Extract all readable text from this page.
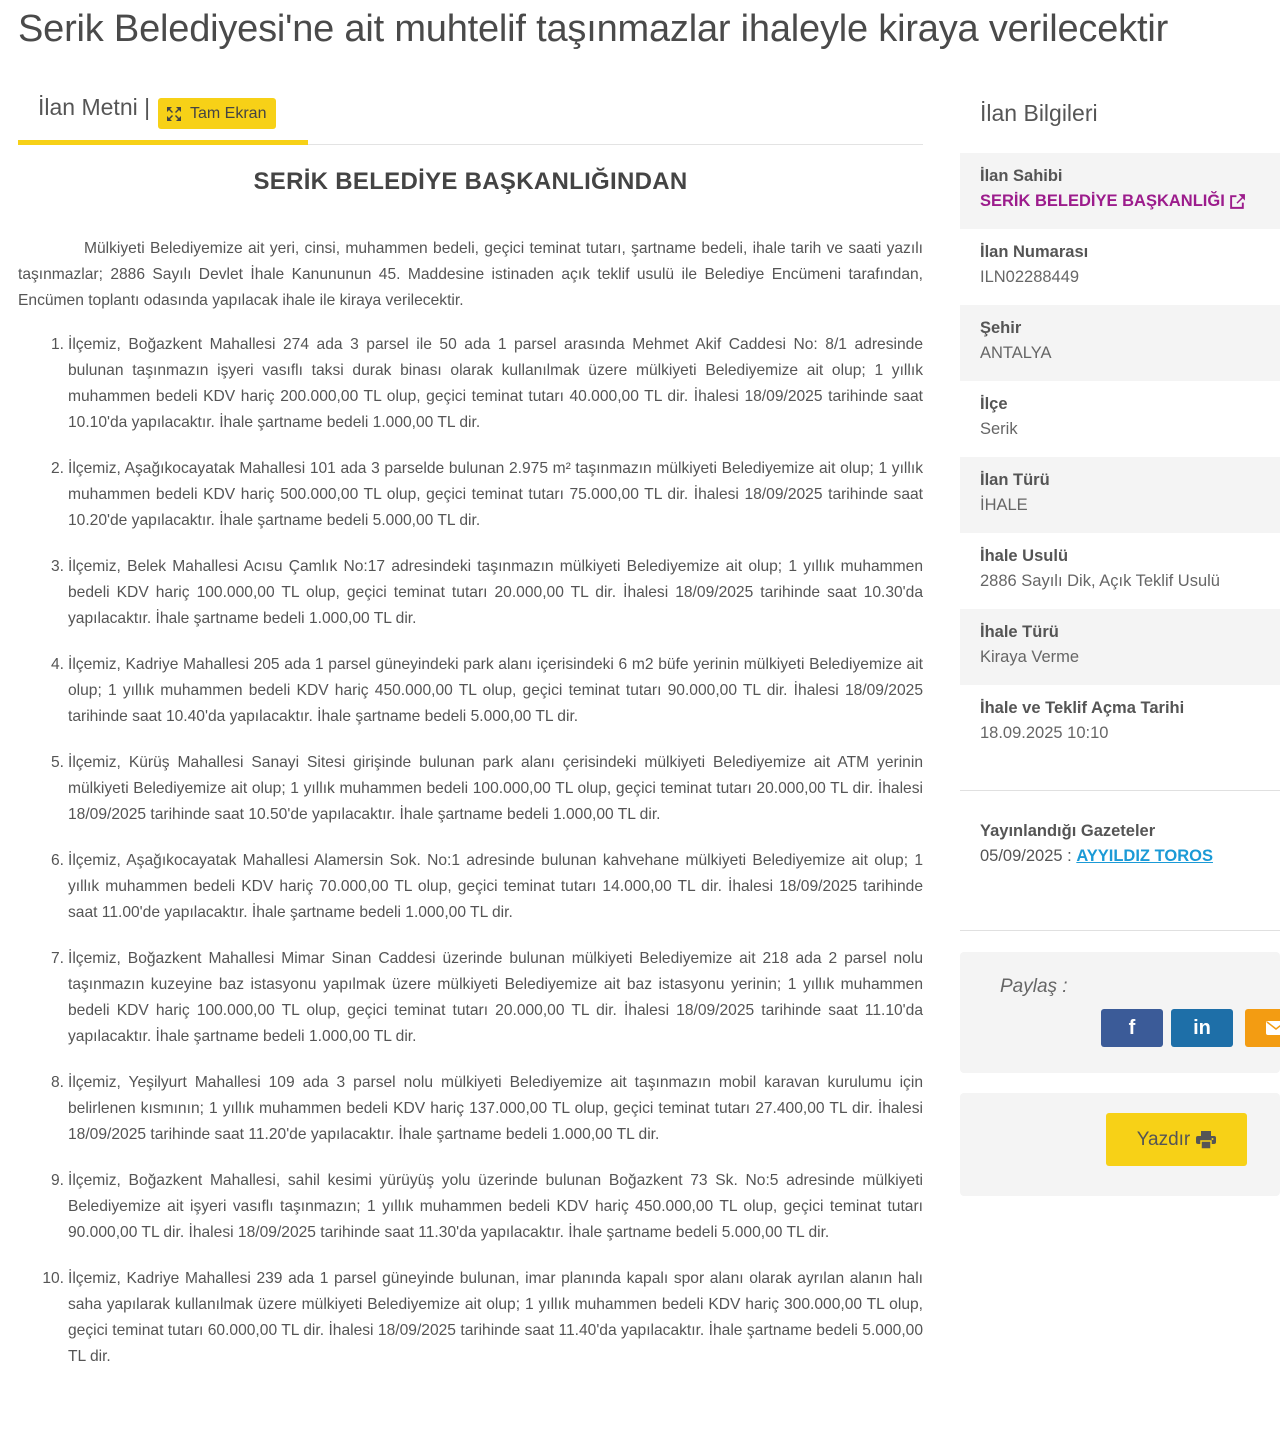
Serik Belediyesi'ne ait muhtelif taşınmazlar ihaleyle kiraya verilecektir
İlan Metni | Tam Ekran
SERİK BELEDİYE BAŞKANLIĞINDAN

Mülkiyeti Belediyemize ait yeri, cinsi, muhammen bedeli, geçici teminat tutarı, şartname bedeli, ihale tarih ve saati yazılı taşınmazlar; 2886 Sayılı Devlet İhale Kanununun 45. Maddesine istinaden açık teklif usulü ile Belediye Encümeni tarafından, Encümen toplantı odasında yapılacak ihale ile kiraya verilecektir.

1. İlçemiz, Boğazkent Mahallesi 274 ada 3 parsel ile 50 ada 1 parsel arasında Mehmet Akif Caddesi No: 8/1 adresinde bulunan taşınmazın işyeri vasıflı taksi durak binası olarak kullanılmak üzere mülkiyeti Belediyemize ait olup; 1 yıllık muhammen bedeli KDV hariç 200.000,00 TL olup, geçici teminat tutarı 40.000,00 TL dir. İhalesi 18/09/2025 tarihinde saat 10.10'da yapılacaktır. İhale şartname bedeli 1.000,00 TL dir.
2. İlçemiz, Aşağıkocayatak Mahallesi 101 ada 3 parselde bulunan 2.975 m² taşınmazın mülkiyeti Belediyemize ait olup; 1 yıllık muhammen bedeli KDV hariç 500.000,00 TL olup, geçici teminat tutarı 75.000,00 TL dir. İhalesi 18/09/2025 tarihinde saat 10.20'de yapılacaktır. İhale şartname bedeli 5.000,00 TL dir.
3. İlçemiz, Belek Mahallesi Acısu Çamlık No:17 adresindeki taşınmazın mülkiyeti Belediyemize ait olup; 1 yıllık muhammen bedeli KDV hariç 100.000,00 TL olup, geçici teminat tutarı 20.000,00 TL dir. İhalesi 18/09/2025 tarihinde saat 10.30'da yapılacaktır. İhale şartname bedeli 1.000,00 TL dir.
4. İlçemiz, Kadriye Mahallesi 205 ada 1 parsel güneyindeki park alanı içerisindeki 6 m2 büfe yerinin mülkiyeti Belediyemize ait olup; 1 yıllık muhammen bedeli KDV hariç 450.000,00 TL olup, geçici teminat tutarı 90.000,00 TL dir. İhalesi 18/09/2025 tarihinde saat 10.40'da yapılacaktır. İhale şartname bedeli 5.000,00 TL dir.
5. İlçemiz, Kürüş Mahallesi Sanayi Sitesi girişinde bulunan park alanı çerisindeki mülkiyeti Belediyemize ait ATM yerinin mülkiyeti Belediyemize ait olup; 1 yıllık muhammen bedeli 100.000,00 TL olup, geçici teminat tutarı 20.000,00 TL dir. İhalesi 18/09/2025 tarihinde saat 10.50'de yapılacaktır. İhale şartname bedeli 1.000,00 TL dir.
6. İlçemiz, Aşağıkocayatak Mahallesi Alamersin Sok. No:1 adresinde bulunan kahvehane mülkiyeti Belediyemize ait olup; 1 yıllık muhammen bedeli KDV hariç 70.000,00 TL olup, geçici teminat tutarı 14.000,00 TL dir. İhalesi 18/09/2025 tarihinde saat 11.00'de yapılacaktır. İhale şartname bedeli 1.000,00 TL dir.
7. İlçemiz, Boğazkent Mahallesi Mimar Sinan Caddesi üzerinde bulunan mülkiyeti Belediyemize ait 218 ada 2 parsel nolu taşınmazın kuzeyine baz istasyonu yapılmak üzere mülkiyeti Belediyemize ait baz istasyonu yerinin; 1 yıllık muhammen bedeli KDV hariç 100.000,00 TL olup, geçici teminat tutarı 20.000,00 TL dir. İhalesi 18/09/2025 tarihinde saat 11.10'da yapılacaktır. İhale şartname bedeli 1.000,00 TL dir.
8. İlçemiz, Yeşilyurt Mahallesi 109 ada 3 parsel nolu mülkiyeti Belediyemize ait taşınmazın mobil karavan kurulumu için belirlenen kısmının; 1 yıllık muhammen bedeli KDV hariç 137.000,00 TL olup, geçici teminat tutarı 27.400,00 TL dir. İhalesi 18/09/2025 tarihinde saat 11.20'de yapılacaktır. İhale şartname bedeli 1.000,00 TL dir.
9. İlçemiz, Boğazkent Mahallesi, sahil kesimi yürüyüş yolu üzerinde bulunan Boğazkent 73 Sk. No:5 adresinde mülkiyeti Belediyemize ait işyeri vasıflı taşınmazın; 1 yıllık muhammen bedeli KDV hariç 450.000,00 TL olup, geçici teminat tutarı 90.000,00 TL dir. İhalesi 18/09/2025 tarihinde saat 11.30'da yapılacaktır. İhale şartname bedeli 5.000,00 TL dir.
10. İlçemiz, Kadriye Mahallesi 239 ada 1 parsel güneyinde bulunan, imar planında kapalı spor alanı olarak ayrılan alanın halı saha yapılarak kullanılmak üzere mülkiyeti Belediyemize ait olup; 1 yıllık muhammen bedeli KDV hariç 300.000,00 TL olup, geçici teminat tutarı 60.000,00 TL dir. İhalesi 18/09/2025 tarihinde saat 11.40'da yapılacaktır. İhale şartname bedeli 5.000,00 TL dir.
İlan Bilgileri
İlan Sahibi
SERİK BELEDİYE BAŞKANLIĞI
İlan Numarası
ILN02288449
Şehir
ANTALYA
İlçe
Serik
İlan Türü
İHALE
İhale Usulü
2886 Sayılı Dik, Açık Teklif Usulü
İhale Türü
Kiraya Verme
İhale ve Teklif Açma Tarihi
18.09.2025 10:10
Yayınlandığı Gazeteler
05/09/2025 : AYYILDIZ TOROS
Paylaş :
f	in
Yazdır
